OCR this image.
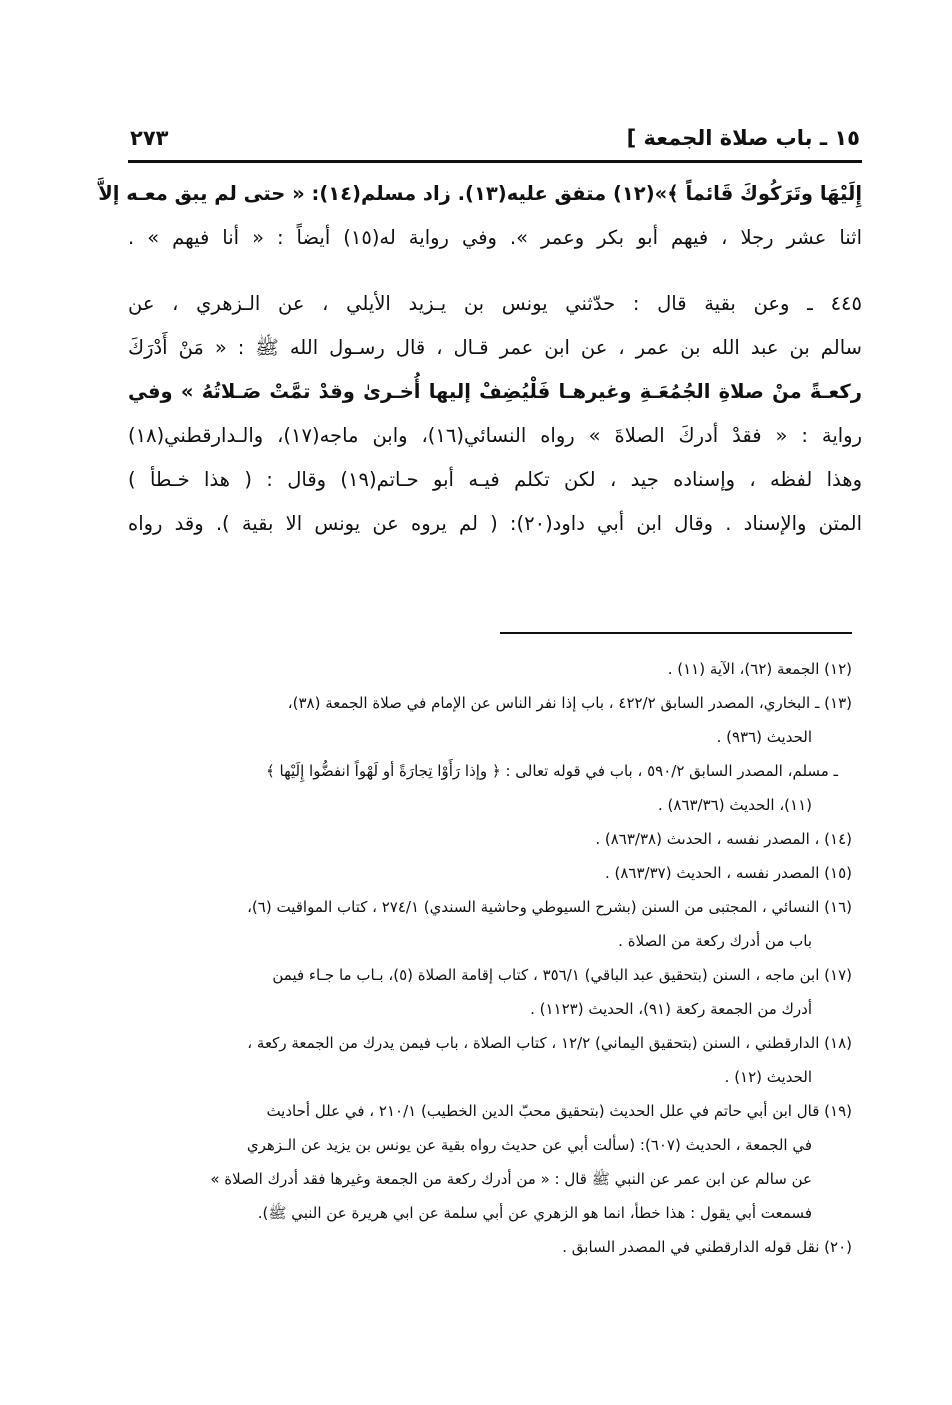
١٥ ـ باب صلاة الجمعة ]
٢٧٣
إِلَيْهَا وتَرَكُوكَ قَائماً ﴾»(١٢) متفق عليه(١٣). زاد مسلم(١٤): « حتى لم يبق معـه إلاَّ
اثنا عشر رجلا ، فيهم أبو بكر وعمر ». وفي رواية له(١٥) أيضاً : « أنا فيهم » .
٤٤٥ ـ وعن بقية قال : حدّثني يونس بن يـزيد الأيلي ، عن الـزهري ، عن
سالم بن عبد الله بن عمر ، عن ابن عمر قـال ، قال رسـول الله ﷺ : « مَنْ أَدْرَكَ
ركعـةً منْ صلاةِ الجُمُعَـةِ وغيرهـا فَلْيُضِفْ إليها أُخـرىٰ وقدْ تمَّتْ صَـلاتُهُ » وفي
رواية : « فقدْ أدركَ الصلاةَ » رواه النسائي(١٦)، وابن ماجه(١٧)، والـدارقطني(١٨)
وهذا لفظه ، وإسناده جيد ، لكن تكلم فيـه أبو حـاتم(١٩) وقال : ( هذا خـطأ )
المتن والإسناد . وقال ابن أبي داود(٢٠): ( لم يروه عن يونس الا بقية ). وقد رواه
(١٢) الجمعة (٦٢)، الآية (١١) .
(١٣) ـ البخاري، المصدر السابق ٤٢٢/٢ ، باب إذا نفر الناس عن الإمام في صلاة الجمعة (٣٨)،
الحديث (٩٣٦) .
ـ مسلم، المصدر السابق ٥٩٠/٢ ، باب في قوله تعالى : ﴿ وإذا رَأَوْا تِجارَةً أو لَهْواً انفضُّوا إِلَيْها ﴾
(١١)، الحديث (٨٦٣/٣٦) .
(١٤) ، المصدر نفسه ، الحدىث (٨٦٣/٣٨) .
(١٥) المصدر نفسه ، الحديث (٨٦٣/٣٧) .
(١٦) النسائي ، المجتبى من السنن (بشرح السيوطي وحاشية السندي) ٢٧٤/١ ، كتاب المواقيت (٦)،
باب من أدرك ركعة من الصلاة .
(١٧) ابن ماجه ، السنن (بتحقيق عبد الباقي) ٣٥٦/١ ، كتاب إقامة الصلاة (٥)، بـاب ما جـاء فيمن
أدرك من الجمعة ركعة (٩١)، الحديث (١١٢٣) .
(١٨) الدارقطني ، السنن (بتحقيق اليماني) ١٢/٢ ، كتاب الصلاة ، باب فيمن يدرك من الجمعة ركعة ،
الحديث (١٢) .
(١٩) قال ابن أبي حاتم في علل الحديث (بتحقيق محبّ الدين الخطيب) ٢١٠/١ ، في علل أحاديث
في الجمعة ، الحديث (٦٠٧): (سألت أبي عن حديث رواه بقية عن يونس بن يزيد عن الـزهري
عن سالم عن ابن عمر عن النبي ﷺ قال : « من أدرك ركعة من الجمعة وغيرها فقد أدرك الصلاة »
فسمعت أبي يقول : هذا خطأ، انما هو الزهري عن أبي سلمة عن ابي هريرة عن النبي ﷺ).
(٢٠) نقل قوله الدارقطني في المصدر السابق .
